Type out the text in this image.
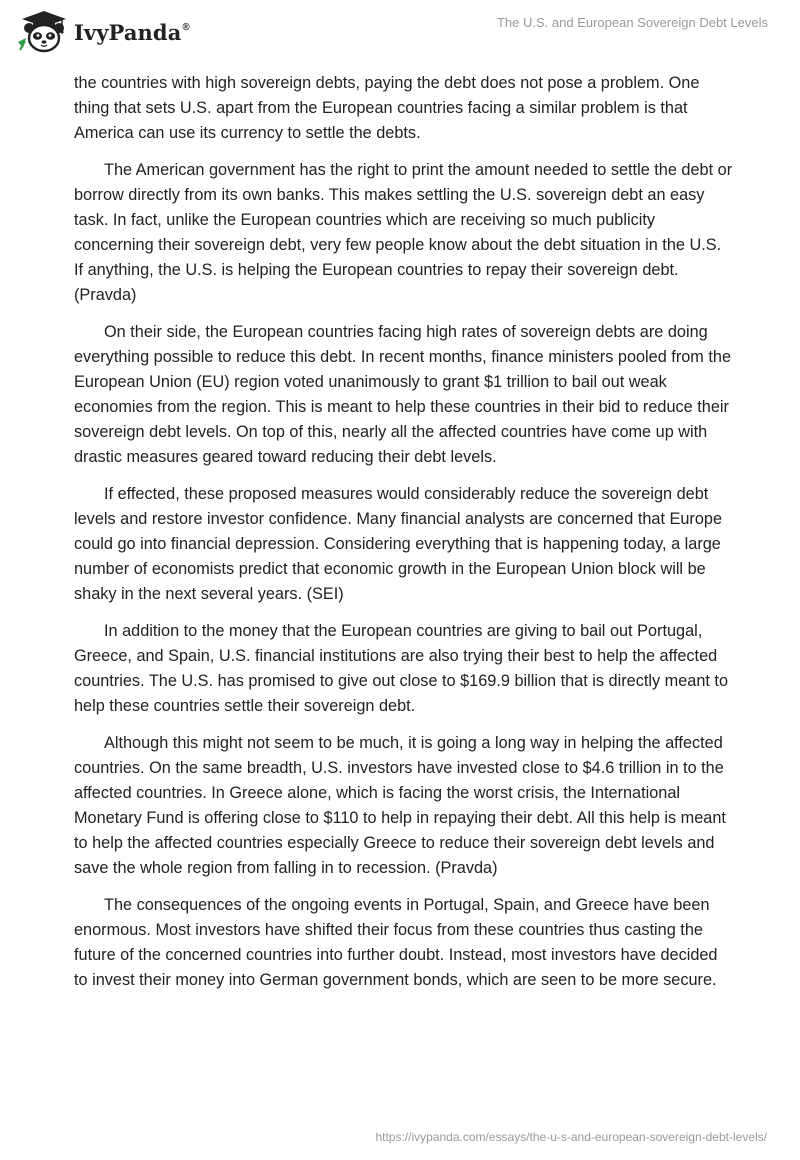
IvyPanda®	The U.S. and European Sovereign Debt Levels

the countries with high sovereign debts, paying the debt does not pose a problem. One thing that sets U.S. apart from the European countries facing a similar problem is that America can use its currency to settle the debts.

The American government has the right to print the amount needed to settle the debt or borrow directly from its own banks. This makes settling the U.S. sovereign debt an easy task. In fact, unlike the European countries which are receiving so much publicity concerning their sovereign debt, very few people know about the debt situation in the U.S. If anything, the U.S. is helping the European countries to repay their sovereign debt. (Pravda)

On their side, the European countries facing high rates of sovereign debts are doing everything possible to reduce this debt. In recent months, finance ministers pooled from the European Union (EU) region voted unanimously to grant $1 trillion to bail out weak economies from the region. This is meant to help these countries in their bid to reduce their sovereign debt levels. On top of this, nearly all the affected countries have come up with drastic measures geared toward reducing their debt levels.

If effected, these proposed measures would considerably reduce the sovereign debt levels and restore investor confidence. Many financial analysts are concerned that Europe could go into financial depression. Considering everything that is happening today, a large number of economists predict that economic growth in the European Union block will be shaky in the next several years. (SEI)

In addition to the money that the European countries are giving to bail out Portugal, Greece, and Spain, U.S. financial institutions are also trying their best to help the affected countries. The U.S. has promised to give out close to $169.9 billion that is directly meant to help these countries settle their sovereign debt.

Although this might not seem to be much, it is going a long way in helping the affected countries. On the same breadth, U.S. investors have invested close to $4.6 trillion in to the affected countries. In Greece alone, which is facing the worst crisis, the International Monetary Fund is offering close to $110 to help in repaying their debt. All this help is meant to help the affected countries especially Greece to reduce their sovereign debt levels and save the whole region from falling in to recession. (Pravda)

The consequences of the ongoing events in Portugal, Spain, and Greece have been enormous. Most investors have shifted their focus from these countries thus casting the future of the concerned countries into further doubt. Instead, most investors have decided to invest their money into German government bonds, which are seen to be more secure.

https://ivypanda.com/essays/the-u-s-and-european-sovereign-debt-levels/
